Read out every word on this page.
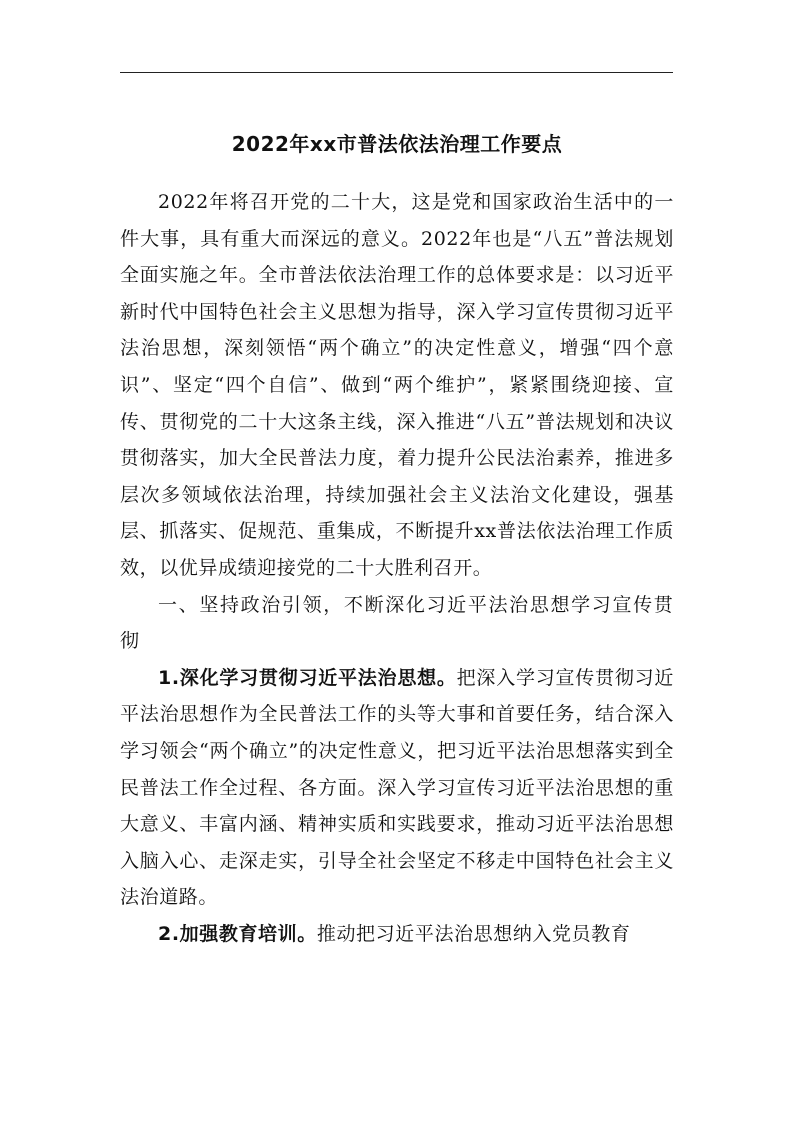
2022年xx市普法依法治理工作要点

2022年将召开党的二十大，这是党和国家政治生活中的一件大事，具有重大而深远的意义。2022年也是“八五”普法规划全面实施之年。全市普法依法治理工作的总体要求是：以习近平新时代中国特色社会主义思想为指导，深入学习宣传贯彻习近平法治思想，深刻领悟“两个确立”的决定性意义，增强“四个意识”、坚定“四个自信”、做到“两个维护”，紧紧围绕迎接、宣传、贯彻党的二十大这条主线，深入推进“八五”普法规划和决议贯彻落实，加大全民普法力度，着力提升公民法治素养，推进多层次多领域依法治理，持续加强社会主义法治文化建设，强基层、抓落实、促规范、重集成，不断提升xx普法依法治理工作质效，以优异成绩迎接党的二十大胜利召开。

一、坚持政治引领，不断深化习近平法治思想学习宣传贯彻

1.深化学习贯彻习近平法治思想。把深入学习宣传贯彻习近平法治思想作为全民普法工作的头等大事和首要任务，结合深入学习领会“两个确立”的决定性意义，把习近平法治思想落实到全民普法工作全过程、各方面。深入学习宣传习近平法治思想的重大意义、丰富内涵、精神实质和实践要求，推动习近平法治思想入脑入心、走深走实，引导全社会坚定不移走中国特色社会主义法治道路。

2.加强教育培训。推动把习近平法治思想纳入党员教育
